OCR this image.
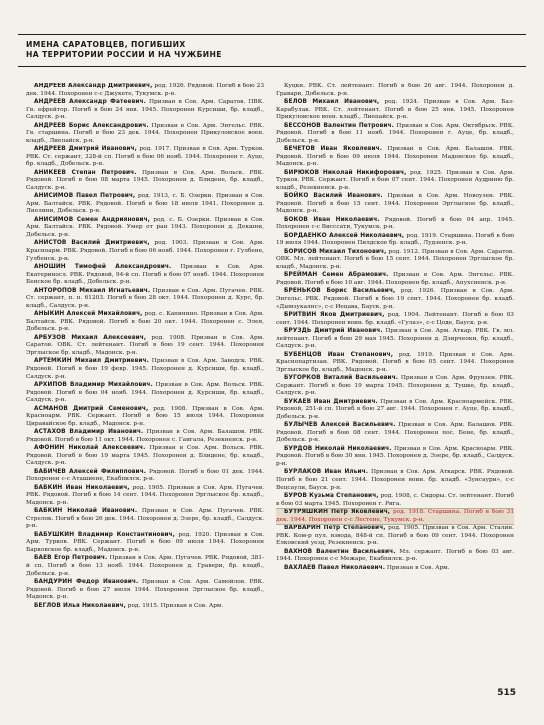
ИМЕНА САРАТОВЦЕВ, ПОГИБШИХ
НА ТЕРРИТОРИИ РОССИИ И НА ЧУЖБИНЕ

АНДРЕЕВ Александр Дмитриевич, род. 1926. Рядовой. Погиб в бою 23 дек. 1944. Похоронен с-с Джукете, Тукумск. р-н.

АНДРЕЕВ Александр Фатеевич. Призван в Сов. Арм. Саратов. ПВК. Гв. ефрейтор. Погиб в бою 24 янв. 1945. Похоронен Курсиши, бр. кладб., Салдуск. р-н.

АНДРЕЕВ Борис Александрович. Призван в Сов. Арм. Энгельс. РВК. Гв. старшина. Погиб в бою 23 дек. 1944. Похоронен Прикуловское воен. кладб., Лиепайск. р-н.

АНДРЕЕВ Дмитрий Иванович, род. 1917. Призван в Сов. Арм. Турков. РВК. Ст. сержант, 328-й сп. Погиб в бою 06 нояб. 1944. Похоронен г. Ауце, бр. кладб., Добельск. р-н.

АНИКЕЕВ Степан Петрович. Призван в Сов. Арм. Вольск. РВК. Рядовой. Погиб в бою 08 марта 1945. Похоронен д. Блидене, бр. кладб., Салдуск. р-н.

АНИСИМОВ Павел Петрович, род. 1913, с. Б. Озерки. Призван в Сов. Арм. Балтайск. РВК. Рядовой. Погиб в бою 18 июля 1941. Похоронен д. Лиелини, Добельск. р-н.

АНИСИМОВ Семен Андриянович, род. с. Б. Озерки. Призван в Сов. Арм. Балтайск. РВК. Рядовой. Умер от ран 1943. Похоронен д. Декшни, Добельск. р-н.

АНИСТОВ Василий Дмитриевич, род. 1903. Призван в Сов. Арм. Красноарм. РВК. Рядовой. Погиб в бою 06 нояб. 1944. Похоронен г. Гулбене, Гулбенск. р-н.

АНОШИН Тимофей Александрович. Призван в Сов. Арм. Екатериносл. РВК. Рядовой, 94-й сп. Погиб в бою 07 нояб. 1944. Похоронен Бенское бр. кладб., Добельск. р-н.

АНТОРОПОВ Михаил Игнатьевич. Призван в Сов. Арм. Пугачев. РВК. Ст. сержант, п. п. 61203. Погиб в бою 28 окт. 1944. Похоронен д. Курс, бр. кладб., Салдуск. р-н.

АНЫКИН Алексей Михайлович, род. с. Капинино. Призван в Сов. Арм. Балтайск. РВК. Рядовой. Погиб в бою 20 окт. 1944. Похоронен с. Элея, Добельск. р-н.

АРБУЗОВ Михаил Алексеевич, род. 1908. Призван в Сов. Арм. Саратов. ОВК. Ст. лейтенант. Погиб в бою 19 сент. 1944. Похоронен Эрглыское бр. кладб., Мадонск. р-н.

АРТЕМКИН Михаил Дмитриевич. Призван в Сов. Арм. Заводск. РВК. Рядовой. Погиб в бою 19 февр. 1945. Похоронен д. Курсиши, бр. кладб., Салдуск. р-н.

АРХИПОВ Владимир Михайлович. Призван в Сов. Арм. Вольск. РВК. Рядовой. Погиб в бою 04 нояб. 1944. Похоронен д. Курсиши, бр. кладб., Салдуск. р-н.

АСМАНОВ Дмитрий Семенович, род. 1908. Призван в Сов. Арм. Красноарм. РВК. Сержант. Погиб в бою 15 июля 1944. Похоронен Циравайское бр. кладб., Мадонск. р-н.

АСТАХОВ Владимир Иванович. Призван в Сов. Арм. Балашов. РВК. Рядовой. Погиб в бою 11 окт. 1944. Похоронен с. Гаигала, Резекненск. р-н.

АФОНИН Николай Алексеевич. Призван в Сов. Арм. Вольск. РВК. Рядовой. Погиб в бою 19 марта 1945. Похоронен д. Блидене, бр. кладб., Салдуск. р-н.

БАБИЧЕВ Алексей Филиппович. Рядовой. Погиб в бою 01 дек. 1944. Похоронен с-с Аташиене, Екабпилск. р-н.

БАБКИН Иван Николаевич, род. 1905. Призван в Сов. Арм. Пугачев. РВК. Рядовой. Погиб в бою 14 сент. 1944. Похоронен Эрглыское бр. кладб., Мадонск. р-н.

БАБКИН Николай Иванович. Призван в Сов. Арм. Пугачев. РВК. Стрелок. Погиб в бою 26 дек. 1944. Похоронен д. Эзере, бр. кладб., Салдуск. р-н.

БАБУШКИН Владимир Константинович, род. 1920. Призван в Сов. Арм. Турков. РВК. Сержант. Погиб в бою 09 июля 1944. Похоронен Барковское бр. кладб., Мадонск. р-н.

БАЕВ Егор Петрович. Призван в Сов. Арм. Пугачев. РВК. Рядовой, 381-й сп. Погиб в бою 13 нояб. 1944. Похоронен д. Гравери, бр. кладб., Добельск. р-н.

БАНДУРИН Федор Иванович. Призван в Сов. Арм. Самойлов. РВК. Рядовой. Погиб в бою 27 июля 1944. Похоронен Эрглыское бр. кладб., Мадонск. р-н.

БЕГЛОВ Илья Николаевич, род. 1915. Призван в Сов. Арм.

Куцкн. РВК. Ст. лейтенант. Погиб в бою 26 авг. 1944. Похоронен д. Гравари, Добельск. р-н.

БЕЛОВ Михаил Иванович, род. 1924. Призван в Сов. Арм. Баз-Карабулак. РВК. Ст. лейтенант. Погиб в бою 25 янв. 1945. Похоронен Прикуловское воен. кладб., Лиепайск. р-н.

БЕССОНОВ Валентин Петрович. Призван в Сов. Арм. Октябрьск. РВК. Рядовой. Погиб в бою 11 нояб. 1944. Похоронен г. Ауце, бр. кладб., Добельск. р-н.

БЕЧЕТОВ Иван Яковлевич. Призван в Сов. Арм. Балашов. РВК. Рядовой. Погиб в бою 09 июля 1944. Похоронен Мадонское бр. кладб., Мадонск. р-н.

БИРЮКОВ Николай Никифорович, род. 1925. Призван в Сов. Арм. Турков. РВК. Сержант. Погиб в бою 07 сент. 1944. Похоронен Аудриню бр. кладб., Резекненск. р-н.

БОЙКО Василий Иванович. Призван в Сов. Арм. Новоузен. РВК. Рядовой. Погиб в бою 15 сент. 1944. Похоронен Эрглыское бр. кладб., Мадонск. р-н.

БОКОВ Иван Николаевич. Рядовой. Погиб в бою 04 апр. 1945. Похоронен с-с Висссати, Тукумск. р-н.

БОРДАЕНКО Алексей Николаевич, род. 1919. Старшина. Погиб в бою 19 июля 1944. Похоронен Пилдское бр. кладб., Лудзенск. р-н.

БОРИСОВ Михаил Тихонович, род. 1912. Призван в Сов. Арм. Саратов. ОВК. Мл. лейтенант. Погиб в бою 15 сент. 1944. Похоронен Эрглыское бр. кладб., Мадонск. р-н.

БРЕЙМАН Семен Абрамович. Призван в Сов. Арм. Энгельс. РВК. Рядовой. Погиб в бою 10 авг. 1944. Похоронен бр. кладб., Апухсненск. р-н.

БРЕНЬКОВ Борис Васильевич, род. 1926. Призван в Сов. Арм. Энгельс. РВК. Рядовой. Погиб в бою 19 сент. 1944. Похоронен бр. кладб. «Дымзукалнс», с-с Иецава, Бауск. р-н.

БРИТВИН Яков Дмитриевич, род. 1904. Лейтенант. Погиб в бою 03 сент. 1944. Похоронен воин. бр. кладб. «Гулаз», с-с Цоде, Бауск. р-н.

БРУЗДЬ Дмитрий Иванович. Призван в Сов. Арм. Аткар. РВК. Гв. мл. лейтенант. Погиб в бою 29 мая 1945. Похоронен д. Дзирчеоки, бр. кладб., Салдуск. р-н.

БУБЕНЦОВ Иван Степанович, род. 1919. Призван в Сов. Арм. Краснопартизан. РВК. Рядовой. Погиб в бою 05 сент. 1944. Похоронен Эрглыское бр. кладб., Мадонск. р-н.

БУГОРКОВ Виталий Васильевич. Призван в Сов. Арм. Фрунзен. РВК. Сержант. Погиб в бою 19 марта 1945. Похоронен д. Тушке, бр. кладб., Салдуск. р-н.

БУКАЕВ Иван Дмитриевич. Призван в Сов. Арм. Красноармейск. РВК. Рядовой, 251-й сп. Погиб в бою 27 авг. 1944. Похоронен г. Ауце, бр. кладб., Добельск. р-н.

БУЛЫЧЕВ Алексей Васильевич. Призван в Сов. Арм. Балашов. РВК. Рядовой. Погиб в бою 08 сент. 1944. Похоронен пос. Бене, бр. кладб., Добельск. р-н.

БУРДОВ Николай Николаевич. Призван в Сов. Арм. Красноарм. РВК. Рядовой. Погиб в бою 30 янв. 1945. Похоронен д. Эзере, бр. кладб., Салдуск. р-н.

БУРЛАКОВ Иван Ильич. Призван в Сов. Арм. Аткарск. РВК. Рядовой. Погиб в бою 21 сент. 1944. Похоронен воин. бр. кладб. «Зунсаури», с-с Вецсаули, Бауск. р-н.

БУРОВ Кузьма Степанович, род. 1908, с. Сидоры. Ст. лейтенант. Погиб в бою 03 марта 1945. Похоронен г. Рига.

БУТРЯШКИН Петр Яковлевич, род. 1918. Старшина. Погиб в бою 31 дек. 1944. Похоронен с-с Лестене, Тукумск. р-н.

ВАРВАРИН Петр Степанович, род. 1905. Призван в Сов. Арм. Сталин. РВК. Ком-р пул. взвода, 848-й сп. Погиб в бою 09 сент. 1944. Похоронен Елковский уезд, Резекненск. р-н.

ВАХНОВ Валентин Васильевич. Мл. сержант. Погиб в бою 03 авг. 1944. Похоронен с-с Межаре, Екабпилск. р-н.

ВАХЛАЕВ Павел Николаевич. Призван в Сов. Арм.

515
